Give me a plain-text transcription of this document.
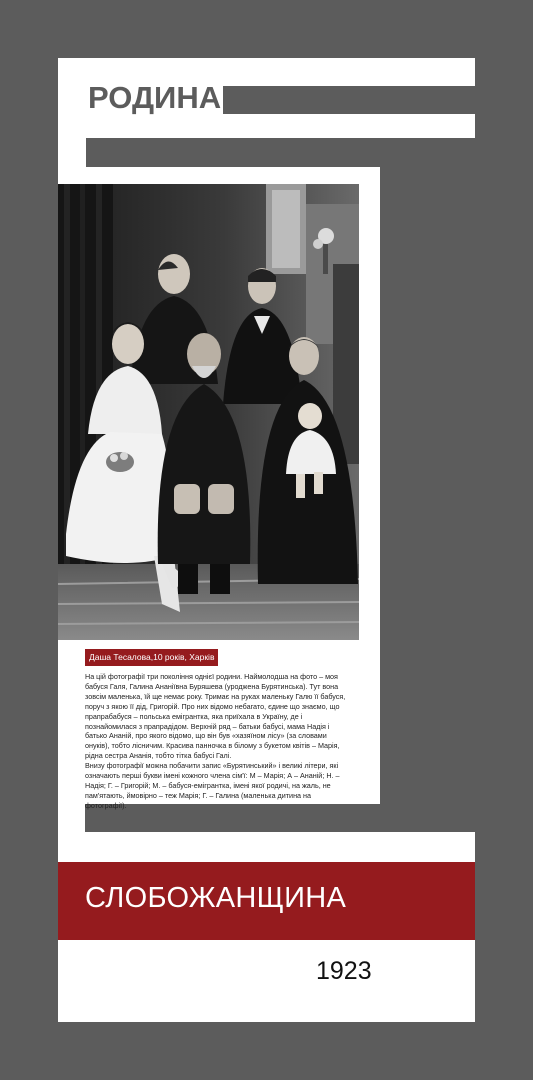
РОДИНА
Даша Тесалова,10 років, Харків

На цій фотографії три покоління однієї родини. Наймолодша на фото – моя бабуся Галя, Галина Ананіївна Буряшева (уроджена Бурятинська). Тут вона зовсім маленька, їй ще немає року. Тримає на руках маленьку Галю її бабуся, поруч з якою її дід, Григорій. Про них відомо небагато, єдине що знаємо, що прапрабабуся – польська емігрантка, яка приїхала в Україну, де і познайомилася з прапрадідом. Верхній ряд – батьки бабусі, мама Надія і батько Ананій, про якого відомо, що він був «хазяїном лісу» (за словами онуків), тобто лісничим. Красива панночка в білому з букетом квітів – Марія, рідна сестра Ананія, тобто тітка бабусі Галі.

Внизу фотографії можна побачити запис «Бурятинський» і великі літери, які означають перші букви імені кожного члена сім'ї: М – Марія; А – Ананій; Н. – Надія; Г. – Григорій; М. – бабуся-емігрантка, імені якої родичі, на жаль, не пам'ятають, ймовірно – теж Марія; Г. – Галина (маленька дитина на фотографії).

СЛОБОЖАНЩИНА
1923
